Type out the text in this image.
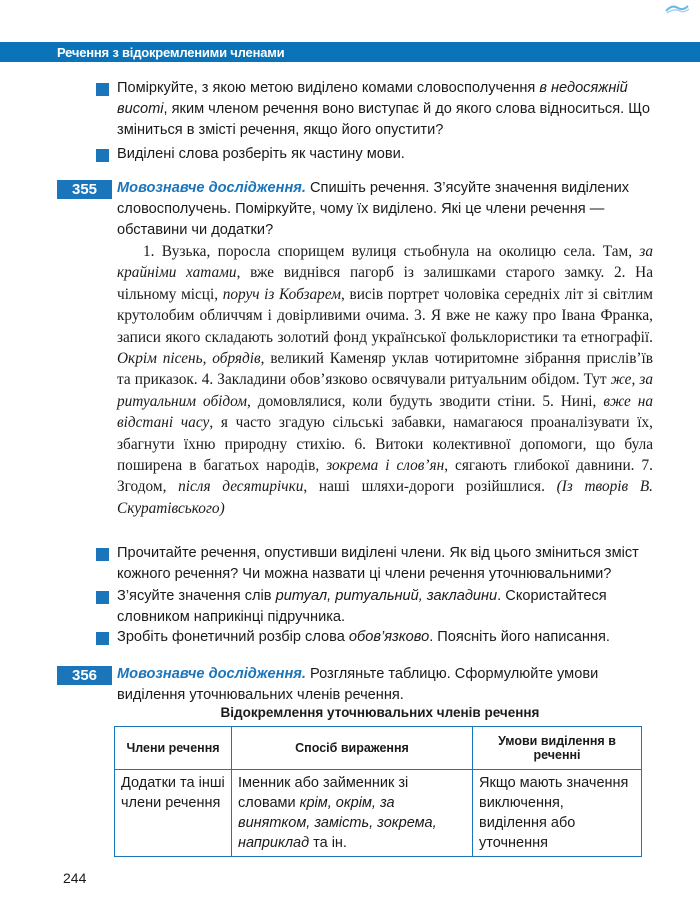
Речення з відокремленими членами
Поміркуйте, з якою метою виділено комами словосполучення в недосяжній висоті, яким членом речення воно виступає й до якого слова відноситься. Що зміниться в змісті речення, якщо його опустити?
Виділені слова розберіть як частину мови.
355	Мовознавче дослідження. Спишіть речення. З’ясуйте значення виділених словосполучень. Поміркуйте, чому їх виділено. Які це члени речення — обставини чи додатки?
1. Вузька, поросла спорищем вулиця стьобнула на околицю села. Там, за крайніми хатами, вже виднівся пагорб із залишками старого замку. 2. На чільному місці, поруч із Кобзарем, висів портрет чоловіка середніх літ зі світлим крутолобим обличчям і довірливими очима. 3. Я вже не кажу про Івана Франка, записи якого складають золотий фонд української фольклористики та етнографії. Окрім пісень, обрядів, великий Каменяр уклав чотиритомне зібрання прислів’їв та приказок. 4. Закладини обов’язково освячували ритуальним обідом. Тут же, за ритуальним обідом, домовлялися, коли будуть зводити стіни. 5. Нині, вже на відстані часу, я часто згадую сільські забавки, намагаюся проаналізувати їх, збагнути їхню природну стихію. 6. Витоки колективної допомоги, що була поширена в багатьох народів, зокрема і слов’ян, сягають глибокої давнини. 7. Згодом, після десятирічки, наші шляхи-дороги розійшлися. (Із творів В. Скуратівського)
Прочитайте речення, опустивши виділені члени. Як від цього зміниться зміст кожного речення? Чи можна назвати ці члени речення уточнювальними?
З’ясуйте значення слів ритуал, ритуальний, закладини. Скористайтеся словником наприкінці підручника.
Зробіть фонетичний розбір слова обов’язково. Поясніть його написання.
356	Мовознавче дослідження. Розгляньте таблицю. Сформулюйте умови виділення уточнювальних членів речення.
Відокремлення уточнювальних членів речення
Члени речення	Спосіб вираження	Умови виділення в реченні
Додатки та інші члени речення	Іменник або займенник зі словами крім, окрім, за винятком, замість, зокрема, наприклад та ін.	Якщо мають значення виключення, виділення або уточнення
244
